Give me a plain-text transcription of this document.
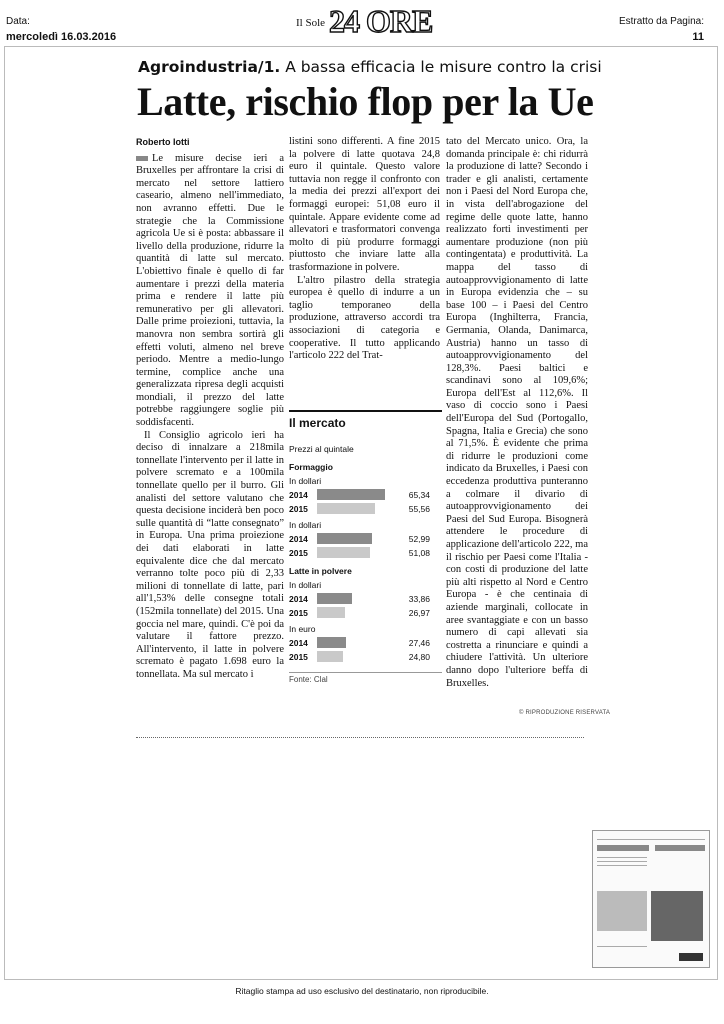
Data:
mercoledì 16.03.2016
Il Sole 24 ORE	Estratto da Pagina:
11
Agroindustria/1. A bassa efficacia le misure contro la crisi
Latte, rischio flop per la Ue
Roberto Iotti

Le misure decise ieri a Bruxelles per affrontare la crisi di mercato nel settore lattiero caseario, almeno nell'immediato, non avranno effetti. Due le strategie che la Commissione agricola Ue si è posta: abbassare il livello della produzione, ridurre la quantità di latte sul mercato. L'obiettivo finale è quello di far aumentare i prezzi della materia prima e rendere il latte più remunerativo per gli allevatori. Dalle prime proiezioni, tuttavia, la manovra non sembra sortirà gli effetti voluti, almeno nel breve periodo. Mentre a medio-lungo termine, complice anche una generalizzata ripresa degli acquisti mondiali, il prezzo del latte potrebbe raggiungere soglie più soddisfacenti.

Il Consiglio agricolo ieri ha deciso di innalzare a 218mila tonnellate l'intervento per il latte in polvere scremato e a 100mila tonnellate quello per il burro. Gli analisti del settore valutano che questa decisione inciderà ben poco sulle quantità di “latte consegnato” in Europa. Una prima proiezione dei dati elaborati in latte equivalente dice che dal mercato verranno tolte poco più di 2,33 milioni di tonnellate di latte, pari all'1,53% delle consegne totali (152mila tonnellate) del 2015. Una goccia nel mare, quindi. C'è poi da valutare il fattore prezzo. All'intervento, il latte in polvere scremato è pagato 1.698 euro la tonnellata. Ma sul mercato i

listini sono differenti. A fine 2015 la polvere di latte quotava 24,8 euro il quintale. Questo valore tuttavia non regge il confronto con la media dei prezzi all'export dei formaggi europei: 51,08 euro il quintale. Appare evidente come ad allevatori e trasformatori convenga molto di più produrre formaggi piuttosto che inviare latte alla trasformazione in polvere.

L'altro pilastro della strategia europea è quello di indurre a un taglio temporaneo della produzione, attraverso accordi tra associazioni di categoria e cooperative. Il tutto applicando l'articolo 222 del Trat-

Il mercato
Prezzi al quintale
Formaggio
In dollari
2014	65,34
2015	55,56
In dollari
2014	52,99
2015	51,08
Latte in polvere
In dollari
2014	33,86
2015	26,97
In euro
2014	27,46
2015	24,80
Fonte: Clal

tato del Mercato unico. Ora, la domanda principale è: chi ridurrà la produzione di latte? Secondo i trader e gli analisti, certamente non i Paesi del Nord Europa che, in vista dell'abrogazione del regime delle quote latte, hanno realizzato forti investimenti per aumentare produzione (non più contingentata) e produttività. La mappa del tasso di autoapprovvigionamento di latte in Europa evidenzia che – su base 100 – i Paesi del Centro Europa (Inghilterra, Francia, Germania, Olanda, Danimarca, Austria) hanno un tasso di autoapprovvigionamento del 128,3%. Paesi baltici e scandinavi sono al 109,6%; Europa dell'Est al 112,6%. Il vaso di coccio sono i Paesi dell'Europa del Sud (Portogallo, Spagna, Italia e Grecia) che sono al 71,5%. È evidente che prima di ridurre le produzioni come indicato da Bruxelles, i Paesi con eccedenza produttiva punteranno a colmare il divario di autoapprovvigionamento dei Paesi del Sud Europa. Bisognerà attendere le procedure di applicazione dell'articolo 222, ma il rischio per Paesi come l'Italia - con costi di produzione del latte più alti rispetto al Nord e Centro Europa - è che centinaia di aziende marginali, collocate in aree svantaggiate e con un basso numero di capi allevati sia costretta a rinunciare e quindi a chiudere l'attività. Un ulteriore danno dopo l'ulteriore beffa di Bruxelles.

© RIPRODUZIONE RISERVATA
Ritaglio stampa ad uso esclusivo del destinatario, non riproducibile.
